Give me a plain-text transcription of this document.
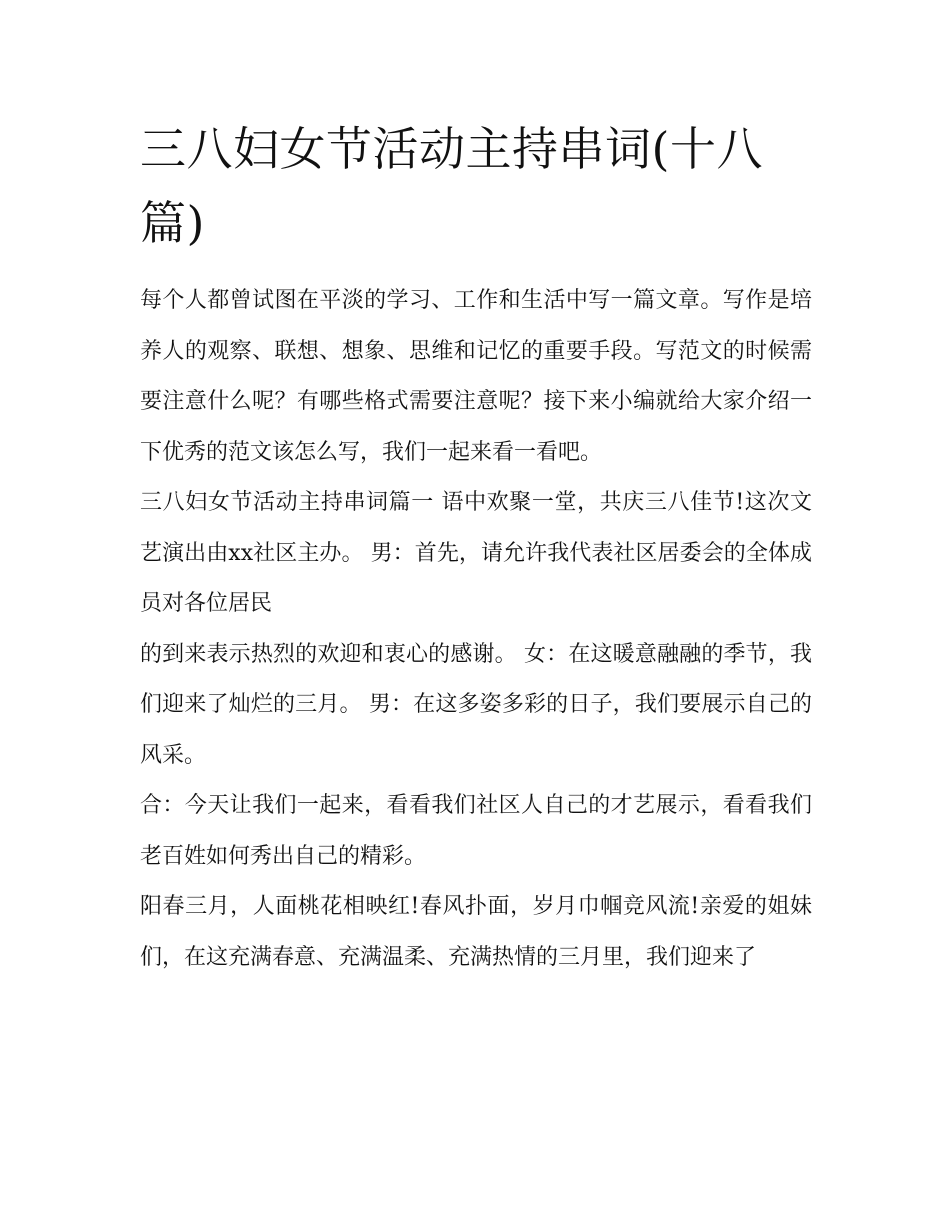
三八妇女节活动主持串词(十八篇)

每个人都曾试图在平淡的学习、工作和生活中写一篇文章。写作是培养人的观察、联想、想象、思维和记忆的重要手段。写范文的时候需要注意什么呢？有哪些格式需要注意呢？接下来小编就给大家介绍一下优秀的范文该怎么写，我们一起来看一看吧。

三八妇女节活动主持串词篇一 语中欢聚一堂，共庆三八佳节!这次文艺演出由xx社区主办。 男：首先，请允许我代表社区居委会的全体成员对各位居民

的到来表示热烈的欢迎和衷心的感谢。 女：在这暖意融融的季节，我们迎来了灿烂的三月。 男：在这多姿多彩的日子，我们要展示自己的风采。

合：今天让我们一起来，看看我们社区人自己的才艺展示，看看我们老百姓如何秀出自己的精彩。

阳春三月，人面桃花相映红!春风扑面，岁月巾帼竞风流!亲爱的姐妹们，在这充满春意、充满温柔、充满热情的三月里，我们迎来了
